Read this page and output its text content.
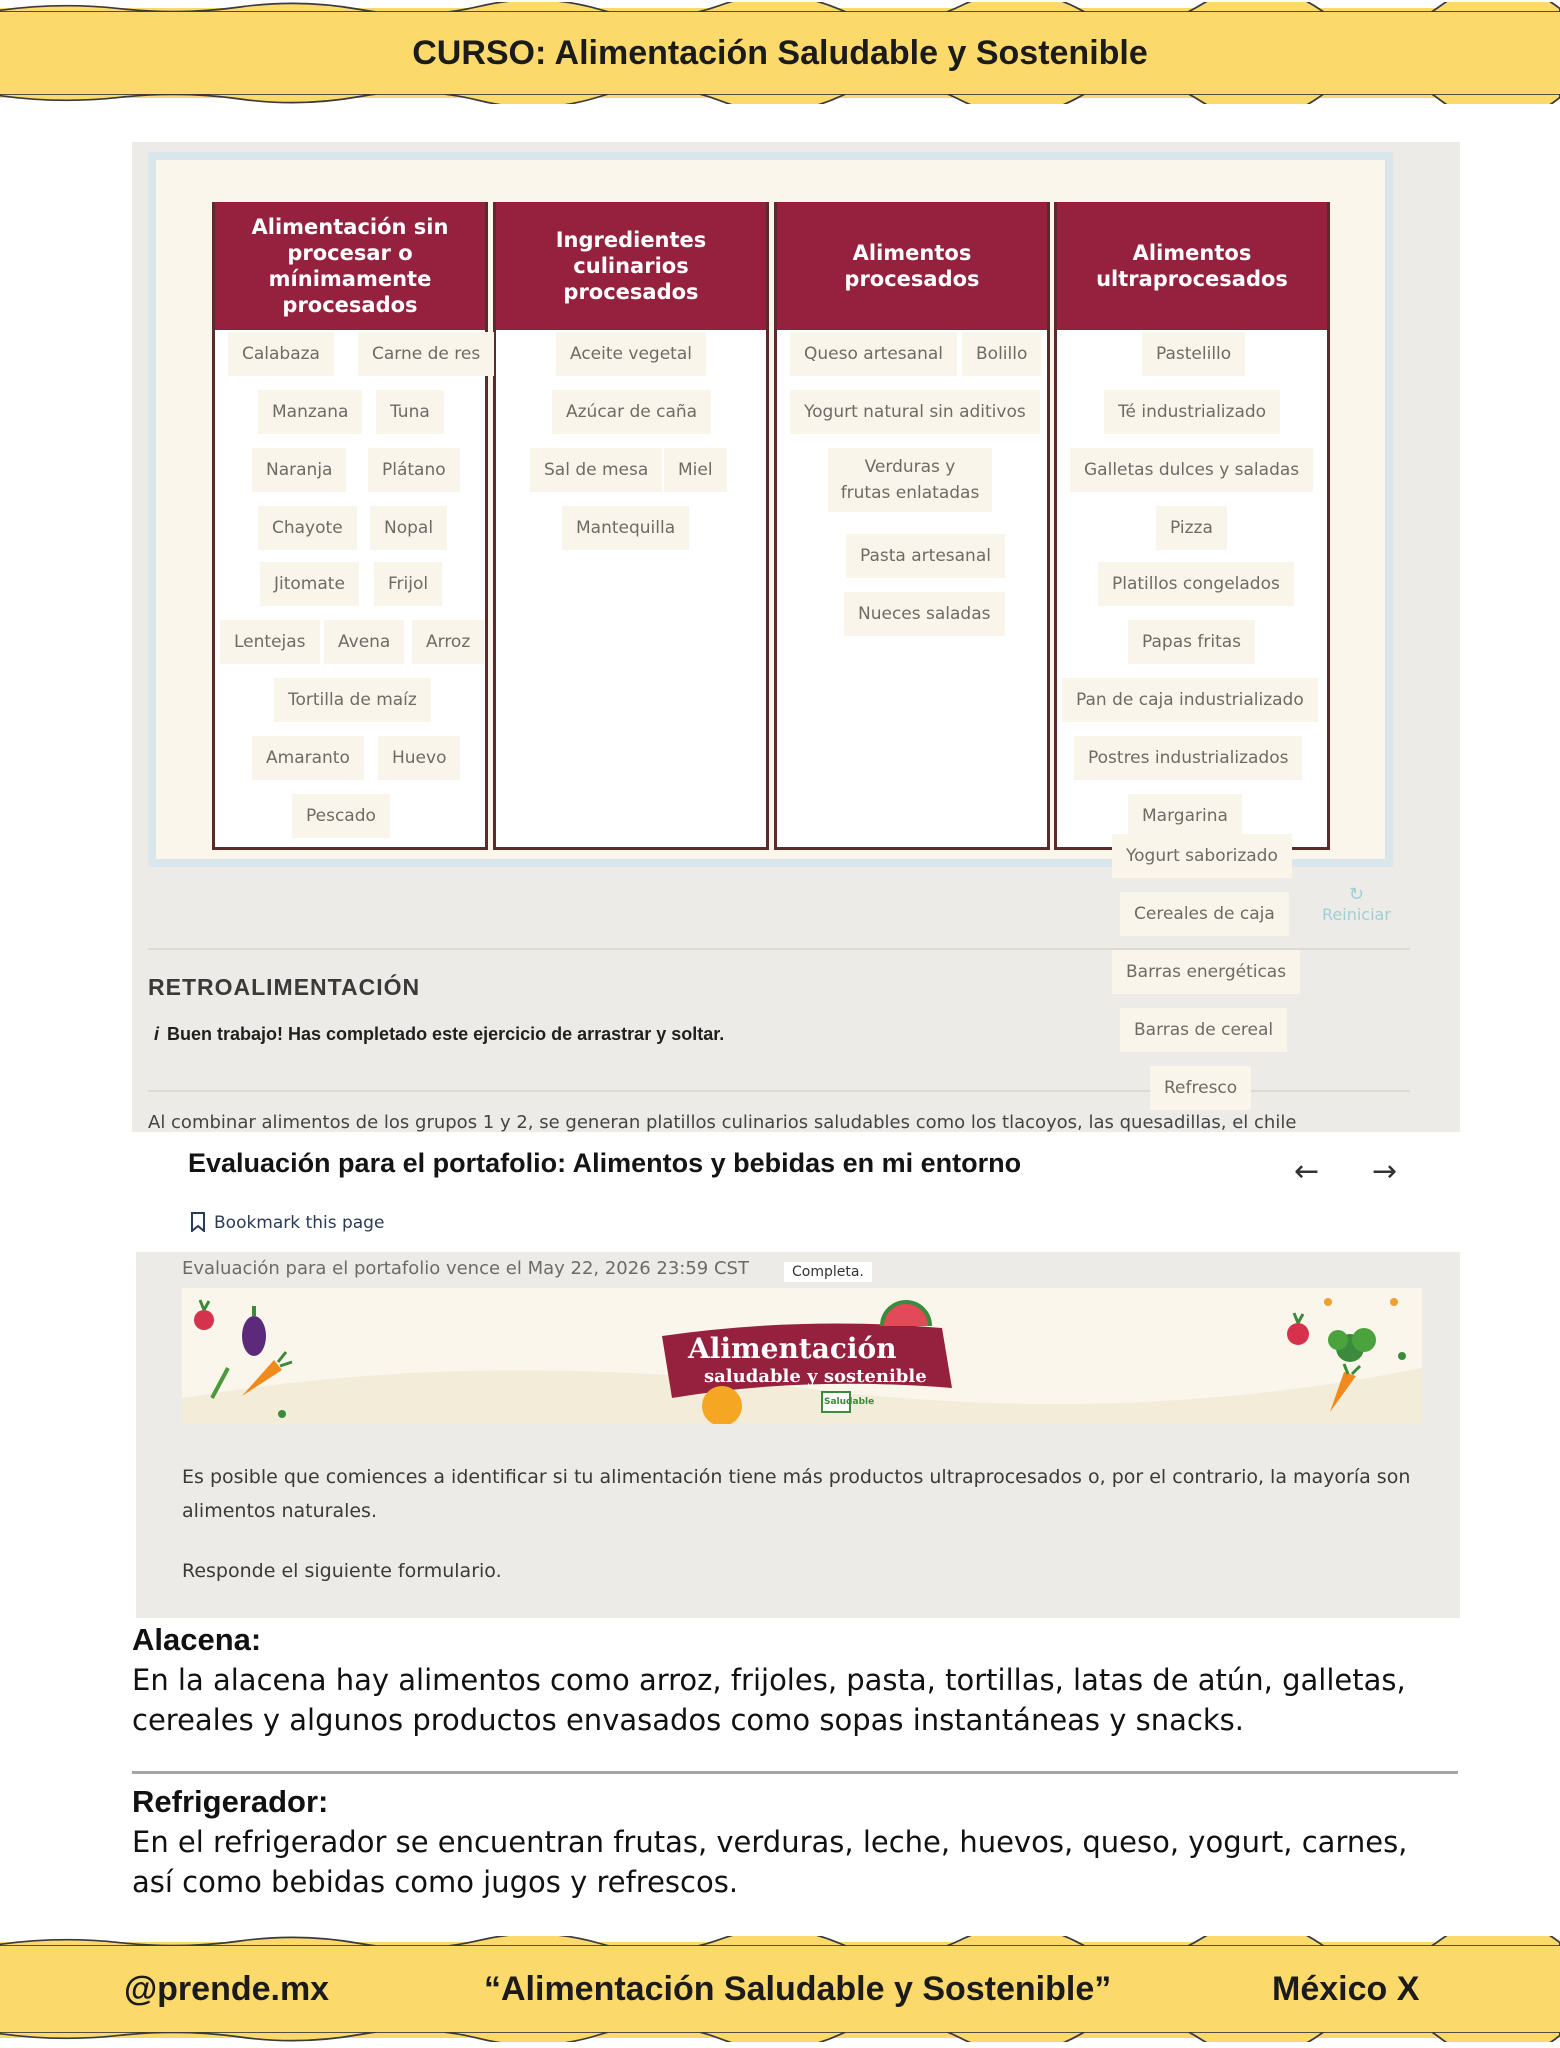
CURSO: Alimentación Saludable y Sostenible
Alimentación sin procesar o mínimamente procesados
Ingredientes culinarios procesados
Alimentos procesados
Alimentos ultraprocesados
Calabaza	Carne de res
Manzana	Tuna
Naranja	Plátano
Chayote	Nopal
Jitomate	Frijol
Lentejas	Avena	Arroz
Tortilla de maíz
Amaranto	Huevo
Pescado
Aceite vegetal
Azúcar de caña
Sal de mesa	Miel
Mantequilla
Queso artesanal	Bolillo
Yogurt natural sin aditivos
Verduras y frutas enlatadas
Pasta artesanal
Nueces saladas
Pastelillo
Té industrializado
Galletas dulces y saladas
Pizza
Platillos congelados
Papas fritas
Pan de caja industrializado
Postres industrializados
Margarina
Yogurt saborizado
Cereales de caja
Barras energéticas
Barras de cereal
Refresco
↻
Reiniciar
RETROALIMENTACIÓN
i Buen trabajo! Has completado este ejercicio de arrastrar y soltar.
Al combinar alimentos de los grupos 1 y 2, se generan platillos culinarios saludables como los tlacoyos, las quesadillas, el chile
Evaluación para el portafolio: Alimentos y bebidas en mi entorno	← →
Bookmark this page
Evaluación para el portafolio vence el May 22, 2026 23:59 CST	Completa.
Alimentación
saludable y sostenible
Saludable
Es posible que comiences a identificar si tu alimentación tiene más productos ultraprocesados o, por el contrario, la mayoría son alimentos naturales.
Responde el siguiente formulario.
Alacena:
En la alacena hay alimentos como arroz, frijoles, pasta, tortillas, latas de atún, galletas, cereales y algunos productos envasados como sopas instantáneas y snacks.
Refrigerador:
En el refrigerador se encuentran frutas, verduras, leche, huevos, queso, yogurt, carnes, así como bebidas como jugos y refrescos.
@prende.mx	“Alimentación Saludable y Sostenible”	México X
